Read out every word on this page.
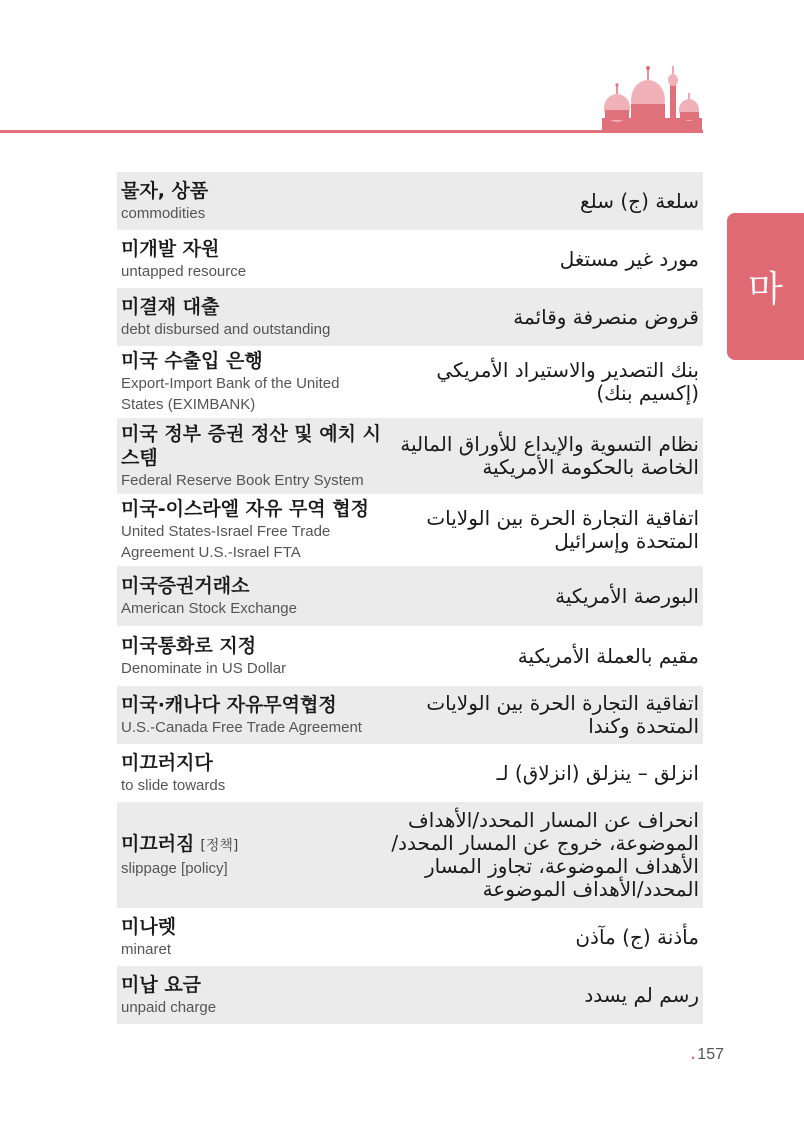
마
물자, 상품
commodities
سلعة (ج) سلع
미개발 자원
untapped resource
مورد غير مستغل
미결재 대출
debt disbursed and outstanding
قروض منصرفة وقائمة
미국 수출입 은행
Export-Import Bank of the United States (EXIMBANK)
بنك التصدير والاستيراد الأمريكي (إكسيم بنك)
미국 정부 증권 정산 및 예치 시스템
Federal Reserve Book Entry System
نظام التسوية والإيداع للأوراق المالية الخاصة بالحكومة الأمريكية
미국-이스라엘 자유 무역 협정
United States-Israel Free Trade Agreement U.S.-Israel FTA
اتفاقية التجارة الحرة بين الولايات المتحدة وإسرائيل
미국증권거래소
American Stock Exchange
البورصة الأمريكية
미국통화로 지정
Denominate in US Dollar
مقيم بالعملة الأمريكية
미국·캐나다 자유무역협정
U.S.-Canada Free Trade Agreement
اتفاقية التجارة الحرة بين الولايات المتحدة وكندا
미끄러지다
to slide towards
انزلق – ينزلق (انزلاق) لـ
미끄러짐 [정책]
slippage [policy]
انحراف عن المسار المحدد/الأهداف الموضوعة، خروج عن المسار المحدد/الأهداف الموضوعة، تجاوز المسار المحدد/الأهداف الموضوعة
미나렛
minaret
مأذنة (ج) مآذن
미납 요금
unpaid charge
رسم لم يسدد
. 157
